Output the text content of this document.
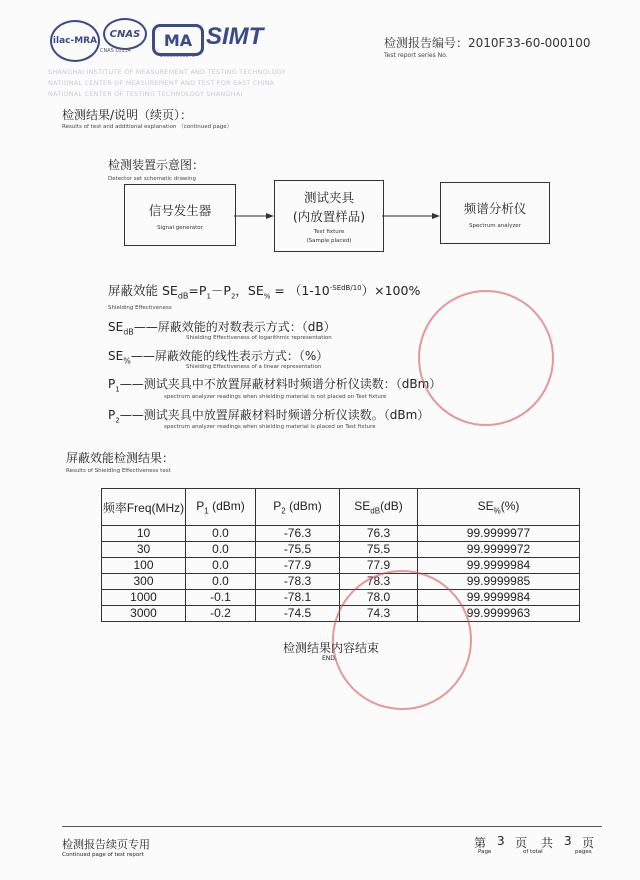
ilac-MRA
CNAS
CNAS L0134
MA
2008000587S
SIMT
SHANGHAI INSTITUTE OF MEASUREMENT AND TESTING TECHNOLOGY
NATIONAL CENTER OF MEASUREMENT AND TEST FOR EAST CHINA
NATIONAL CENTER OF TESTING TECHNOLOGY SHANGHAI
检测报告编号：2010F33-60-000100
Test report series No.
检测结果/说明（续页）：
Results of test and additional explanation （continued page）
检测装置示意图：
Detector set schematic drawing
信号发生器
Signal generator
测试夹具
(内放置样品)
Test fixture
(Sample placed)
频谱分析仪
Spectrum analyzer
屏蔽效能 $SE_{dB}=P_1-P_2$，$SE_{\%} = (1-10^{-SEdB/10})\times 100\%$
Shielding Effectiveness
$SE_{dB}——$屏蔽效能的对数表示方式：（dB）
Shielding Effectiveness of logarithmic representation
$SE_{\%}——$屏蔽效能的线性表示方式：（%）
Shielding Effectiveness of a linear representation
$P_1——$测试夹具中不放置屏蔽材料时频谱分析仪读数：（dBm）
spectrum analyzer readings when shielding material is not placed on Test fixture
$P_2——$测试夹具中放置屏蔽材料时频谱分析仪读数。（dBm）
spectrum analyzer readings when shielding material is placed on Test fixture
屏蔽效能检测结果：
Results of Shielding Effectiveness test
频率Freq(MHz)	$P_1$ (dBm)	$P_2$ (dBm)	$SE_{dB}(dB)$	$SE_{\%}(\%)$
10	0.0	-76.3	76.3	99.9999977
30	0.0	-75.5	75.5	99.9999972
100	0.0	-77.9	77.9	99.9999984
300	0.0	-78.3	78.3	99.9999985
1000	-0.1	-78.1	78.0	99.9999984
3000	-0.2	-74.5	74.3	99.9999963
检测结果内容结束
END.
检测报告续页专用
Continued page of test report
第 3 页 共 3 页
Page	of total	pages
